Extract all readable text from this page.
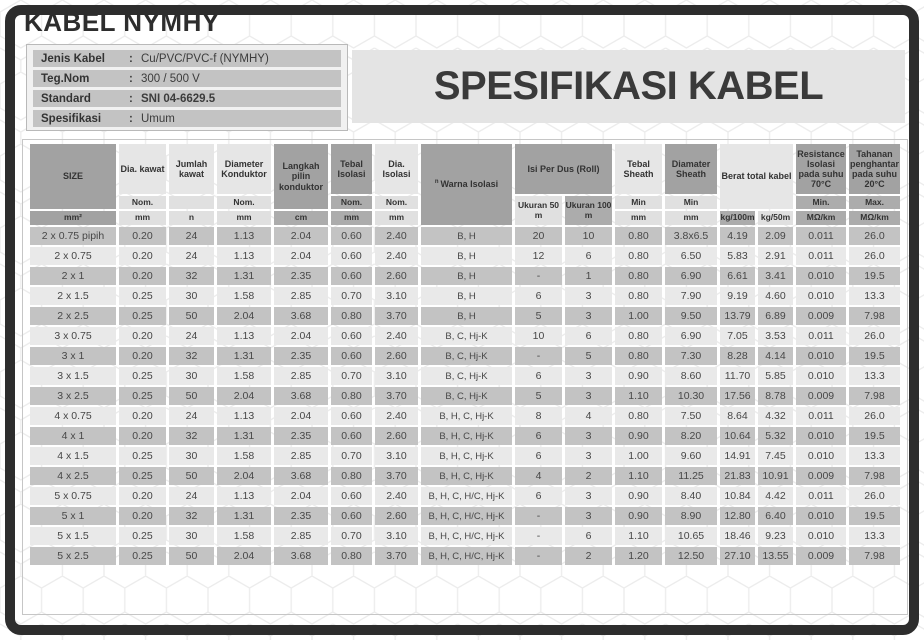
KABEL NYMHY
Jenis Kabel	: Cu/PVC/PVC-f (NYMHY)
Teg.Nom	: 300 / 500 V
Standard	: SNI 04-6629.5
Spesifikasi	: Umum
SPESIFIKASI KABEL
SIZE	Dia. kawat	Jumlah kawat	Diameter Konduktor	Langkah pilin konduktor	Tebal Isolasi	Dia. Isolasi	$^n$ Warna Isolasi	Isi Per Dus (Roll)		Tebal Sheath	Diamater Sheath	Berat total kabel		Resistance Isolasi pada suhu 70°C	Tahanan penghantar pada suhu 20°C
	Nom.		Nom.		Nom.	Nom.		Ukuran 50 m	Ukuran 100 m	Min	Min			Min.	Max.
mm²	mm	n	mm	cm	mm	mm				mm	mm	kg/100m	kg/50m	MΩ/km	MΩ/km
2 x 0.75 pipih	0.20	24	1.13	2.04	0.60	2.40	B, H	20	10	0.80	3.8x6.5	4.19	2.09	0.011	26.0
2 x 0.75	0.20	24	1.13	2.04	0.60	2.40	B, H	12	6	0.80	6.50	5.83	2.91	0.011	26.0
2 x 1	0.20	32	1.31	2.35	0.60	2.60	B, H	-	1	0.80	6.90	6.61	3.41	0.010	19.5
2 x 1.5	0.25	30	1.58	2.85	0.70	3.10	B, H	6	3	0.80	7.90	9.19	4.60	0.010	13.3
2 x 2.5	0.25	50	2.04	3.68	0.80	3.70	B, H	5	3	1.00	9.50	13.79	6.89	0.009	7.98
3 x 0.75	0.20	24	1.13	2.04	0.60	2.40	B, C, Hj-K	10	6	0.80	6.90	7.05	3.53	0.011	26.0
3 x 1	0.20	32	1.31	2.35	0.60	2.60	B, C, Hj-K	-	5	0.80	7.30	8.28	4.14	0.010	19.5
3 x 1.5	0.25	30	1.58	2.85	0.70	3.10	B, C, Hj-K	6	3	0.90	8.60	11.70	5.85	0.010	13.3
3 x 2.5	0.25	50	2.04	3.68	0.80	3.70	B, C, Hj-K	5	3	1.10	10.30	17.56	8.78	0.009	7.98
4 x 0.75	0.20	24	1.13	2.04	0.60	2.40	B, H, C, Hj-K	8	4	0.80	7.50	8.64	4.32	0.011	26.0
4 x 1	0.20	32	1.31	2.35	0.60	2.60	B, H, C, Hj-K	6	3	0.90	8.20	10.64	5.32	0.010	19.5
4 x 1.5	0.25	30	1.58	2.85	0.70	3.10	B, H, C, Hj-K	6	3	1.00	9.60	14.91	7.45	0.010	13.3
4 x 2.5	0.25	50	2.04	3.68	0.80	3.70	B, H, C, Hj-K	4	2	1.10	11.25	21.83	10.91	0.009	7.98
5 x 0.75	0.20	24	1.13	2.04	0.60	2.40	B, H, C, H/C, Hj-K	6	3	0.90	8.40	10.84	4.42	0.011	26.0
5 x 1	0.20	32	1.31	2.35	0.60	2.60	B, H, C, H/C, Hj-K	-	3	0.90	8.90	12.80	6.40	0.010	19.5
5 x 1.5	0.25	30	1.58	2.85	0.70	3.10	B, H, C, H/C, Hj-K	-	6	1.10	10.65	18.46	9.23	0.010	13.3
5 x 2.5	0.25	50	2.04	3.68	0.80	3.70	B, H, C, H/C, Hj-K	-	2	1.20	12.50	27.10	13.55	0.009	7.98
